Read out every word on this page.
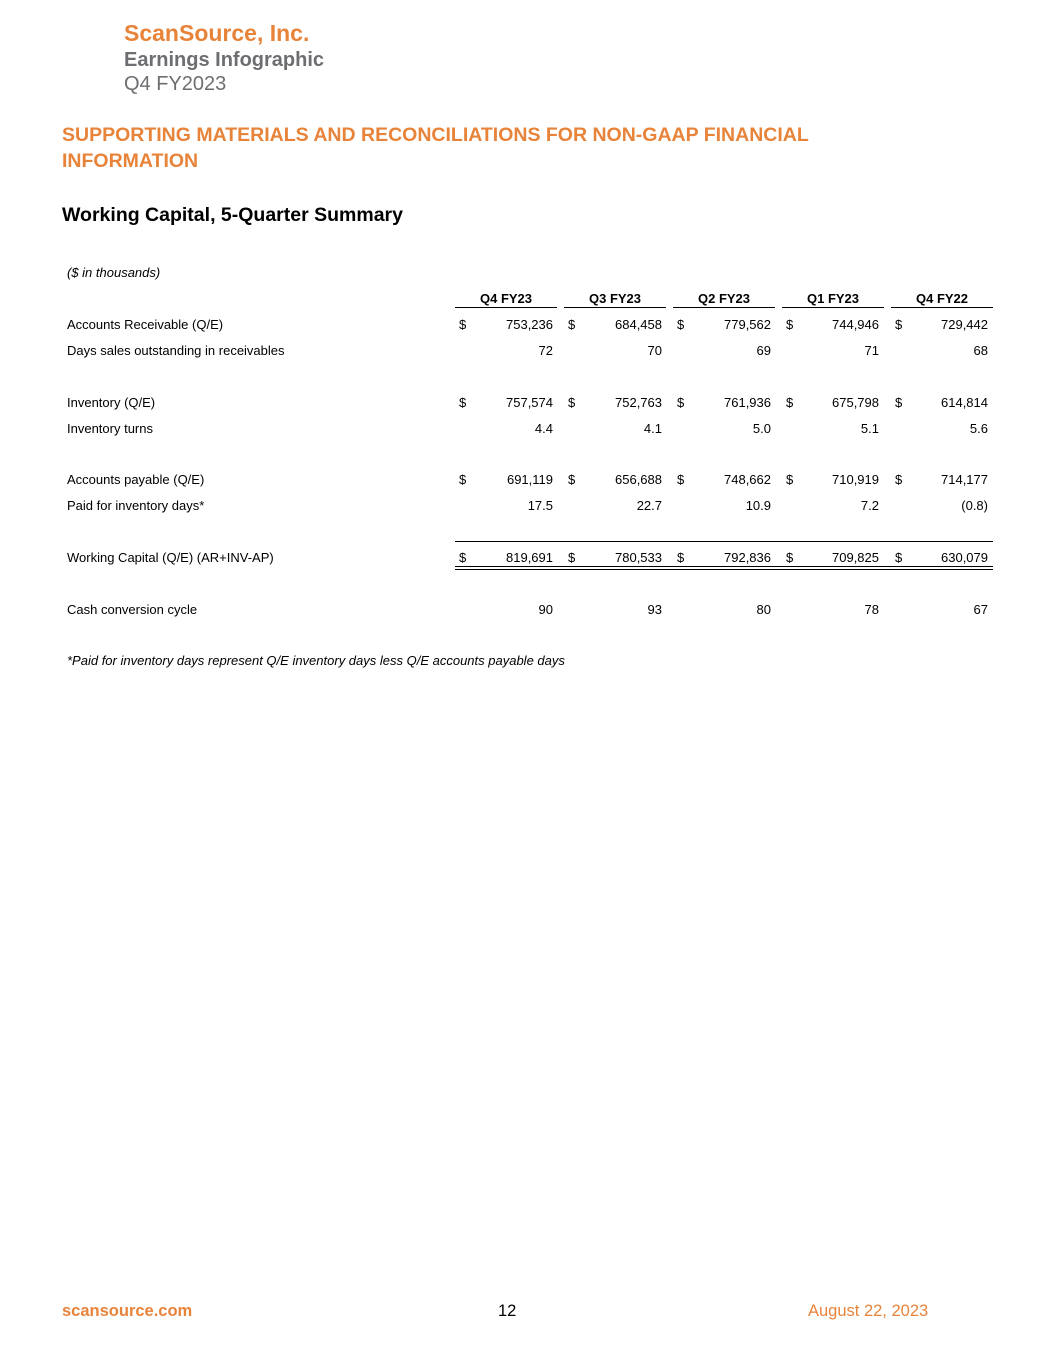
ScanSource, Inc.
Earnings Infographic
Q4 FY2023
SUPPORTING MATERIALS AND RECONCILIATIONS FOR NON-GAAP FINANCIAL INFORMATION
Working Capital, 5-Quarter Summary
($ in thousands)
Q4 FY23	Q3 FY23	Q2 FY23	Q1 FY23	Q4 FY22
Accounts Receivable (Q/E)	$	753,236 $	684,458 $	779,562 $	744,946 $	729,442
Days sales outstanding in receivables	72	70	69	71	68
Inventory (Q/E)	$	757,574 $	752,763 $	761,936 $	675,798 $	614,814
Inventory turns	4.4	4.1	5.0	5.1	5.6
Accounts payable (Q/E)	$	691,119 $	656,688 $	748,662 $	710,919 $	714,177
Paid for inventory days*	17.5	22.7	10.9	7.2	(0.8)
Working Capital (Q/E) (AR+INV-AP)	$	819,691 $	780,533 $	792,836 $	709,825 $	630,079
Cash conversion cycle	90	93	80	78	67
*Paid for inventory days represent Q/E inventory days less Q/E accounts payable days
scansource.com	12	August 22, 2023
